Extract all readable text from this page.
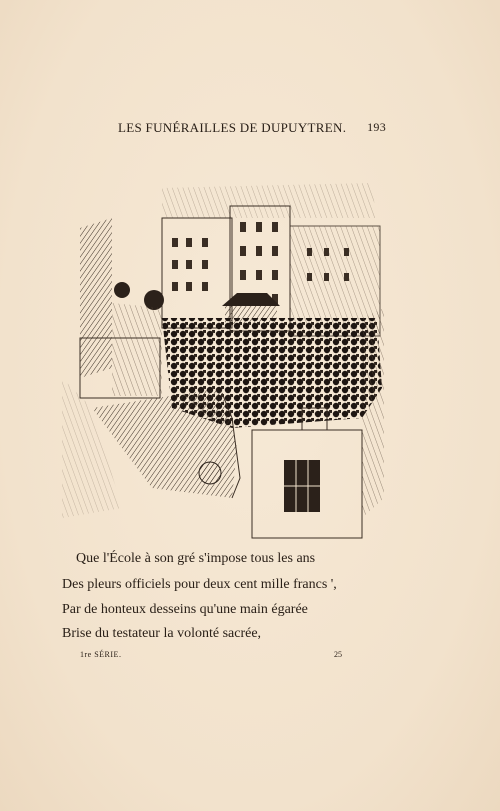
LES FUNÉRAILLES DE DUPUYTREN. 193
Que l'École à son gré s'impose tous les ans
Des pleurs officiels pour deux cent mille francs ',
Par de honteux desseins qu'une main égarée
Brise du testateur la volonté sacrée,
1re SÉRIE.	25
